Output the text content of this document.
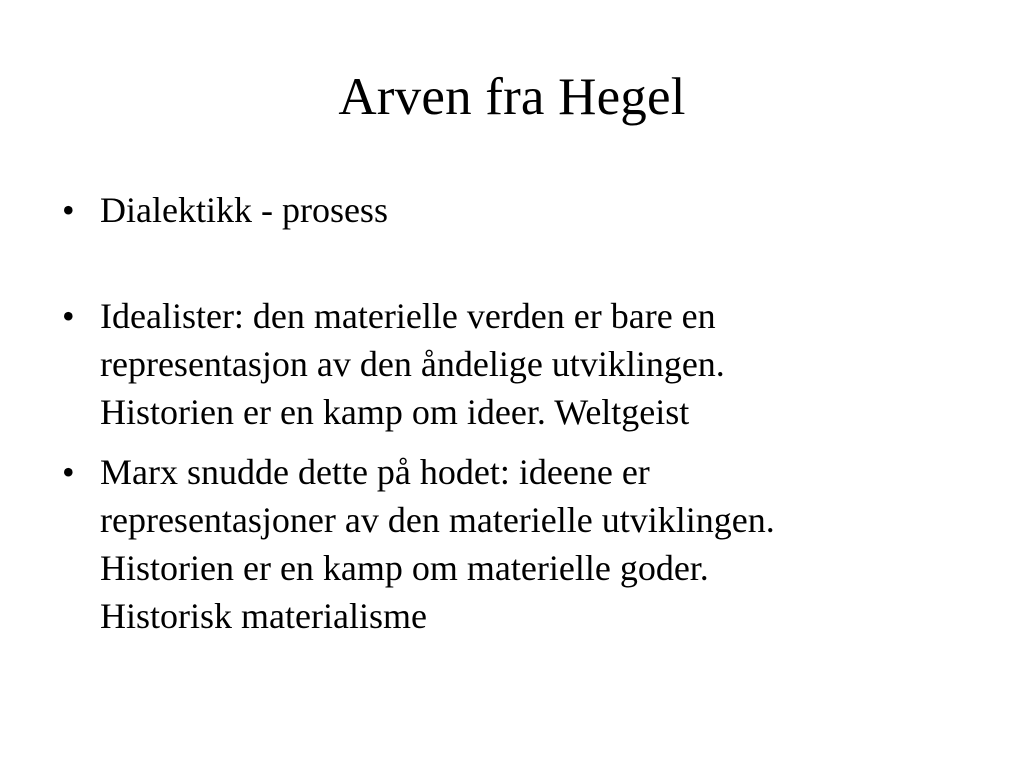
Arven fra Hegel
• Dialektikk - prosess
• Idealister: den materielle verden er bare en
representasjon av den åndelige utviklingen.
Historien er en kamp om ideer. Weltgeist
• Marx snudde dette på hodet: ideene er
representasjoner av den materielle utviklingen.
Historien er en kamp om materielle goder.
Historisk materialisme
